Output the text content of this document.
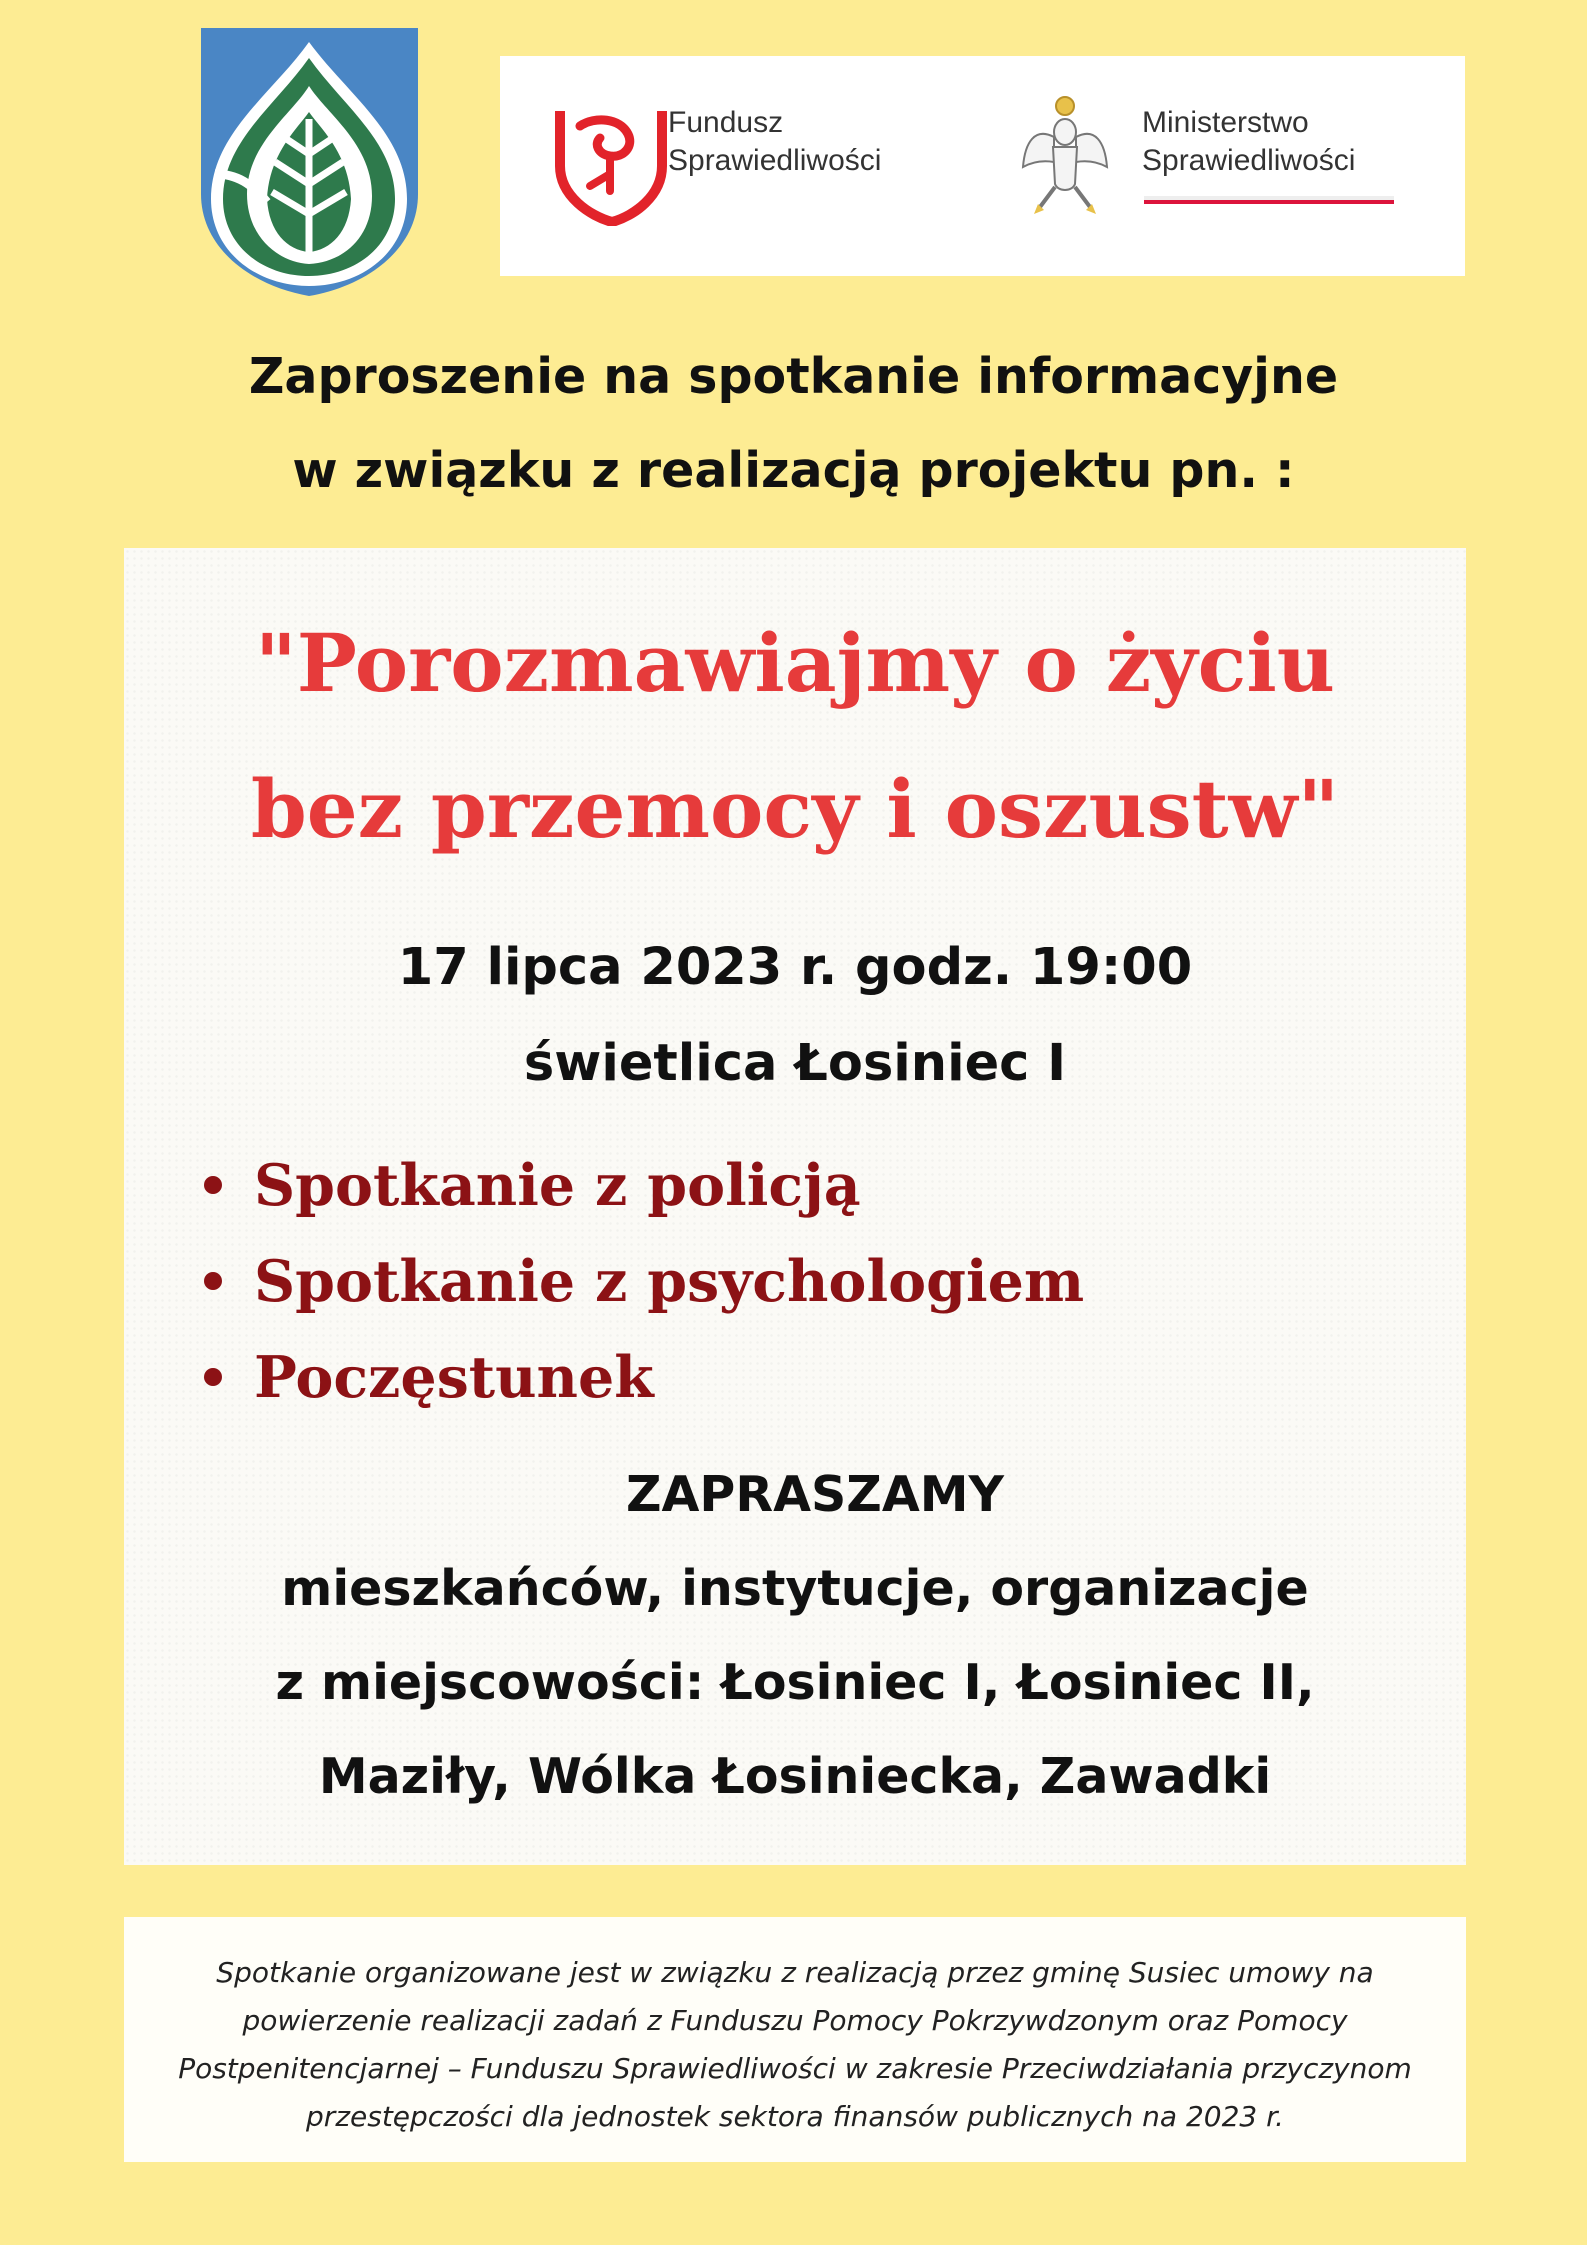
Fundusz
Sprawiedliwości
Ministerstwo
Sprawiedliwości
Zaproszenie na spotkanie informacyjne
w związku z realizacją projektu pn. :
"Porozmawiajmy o życiu
bez przemocy i oszustw"
17 lipca 2023 r. godz. 19:00
świetlica Łosiniec I
Spotkanie z policją
Spotkanie z psychologiem
Poczęstunek
ZAPRASZAMY
mieszkańców, instytucje, organizacje
z miejscowości: Łosiniec I, Łosiniec II,
Maziły, Wólka Łosiniecka, Zawadki

Spotkanie organizowane jest w związku z realizacją przez gminę Susiec umowy na powierzenie realizacji zadań z Funduszu Pomocy Pokrzywdzonym oraz Pomocy Postpenitencjarnej – Funduszu Sprawiedliwości w zakresie Przeciwdziałania przyczynom przestępczości dla jednostek sektora finansów publicznych na 2023 r.
